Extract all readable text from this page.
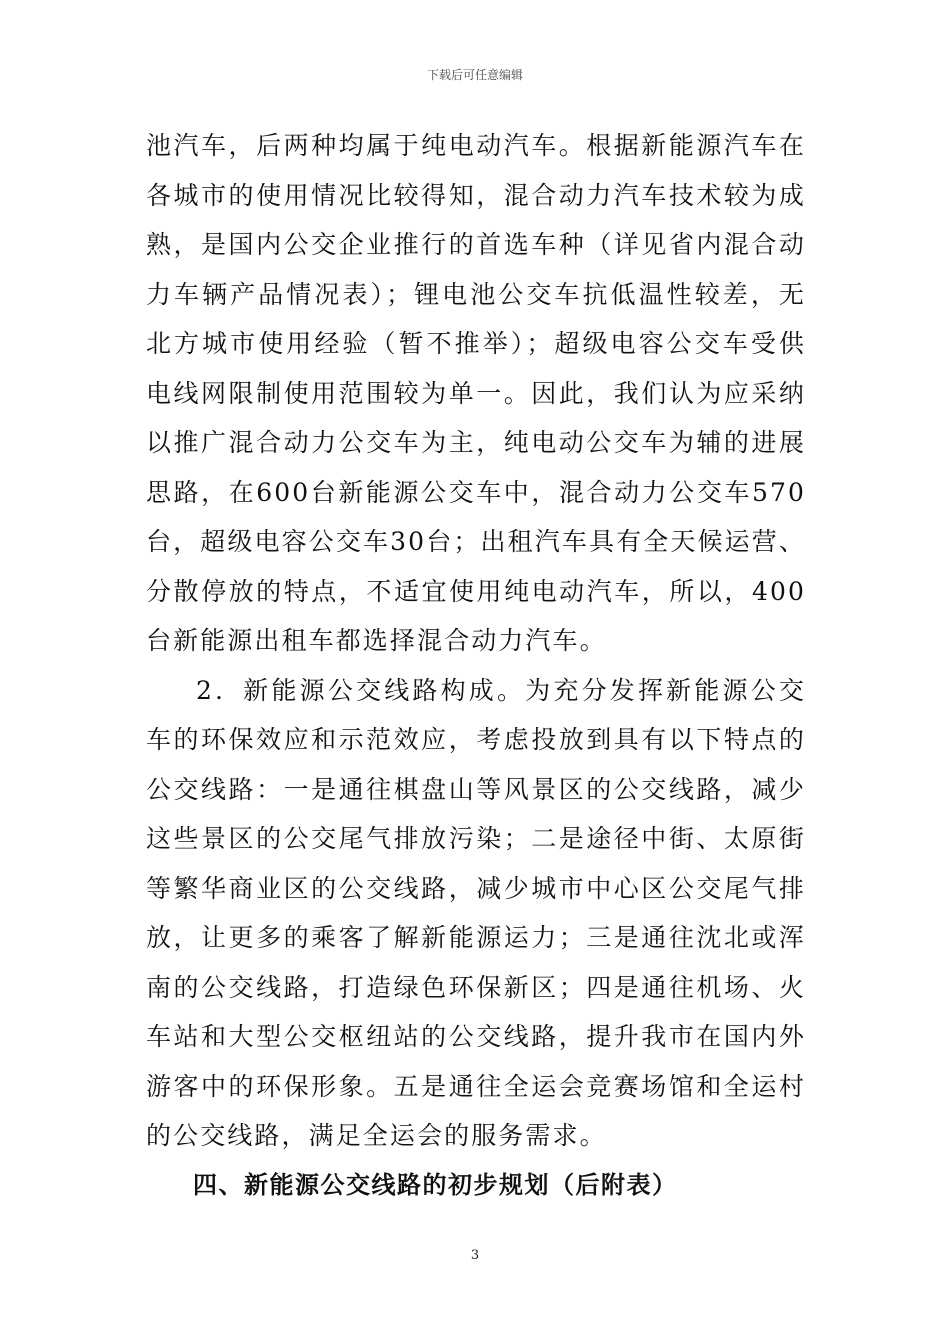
下载后可任意编辑

池汽车，后两种均属于纯电动汽车。根据新能源汽车在各城市的使用情况比较得知，混合动力汽车技术较为成熟，是国内公交企业推行的首选车种（详见省内混合动力车辆产品情况表）；锂电池公交车抗低温性较差，无北方城市使用经验（暂不推举）；超级电容公交车受供电线网限制使用范围较为单一。因此，我们认为应采纳以推广混合动力公交车为主，纯电动公交车为辅的进展思路，在600台新能源公交车中，混合动力公交车570台，超级电容公交车30台；出租汽车具有全天候运营、分散停放的特点，不适宜使用纯电动汽车，所以，400台新能源出租车都选择混合动力汽车。

2．新能源公交线路构成。为充分发挥新能源公交车的环保效应和示范效应，考虑投放到具有以下特点的公交线路：一是通往棋盘山等风景区的公交线路，减少这些景区的公交尾气排放污染；二是途径中街、太原街等繁华商业区的公交线路，减少城市中心区公交尾气排放，让更多的乘客了解新能源运力；三是通往沈北或浑南的公交线路，打造绿色环保新区；四是通往机场、火车站和大型公交枢纽站的公交线路，提升我市在国内外游客中的环保形象。五是通往全运会竞赛场馆和全运村的公交线路，满足全运会的服务需求。

四、新能源公交线路的初步规划（后附表）
3
